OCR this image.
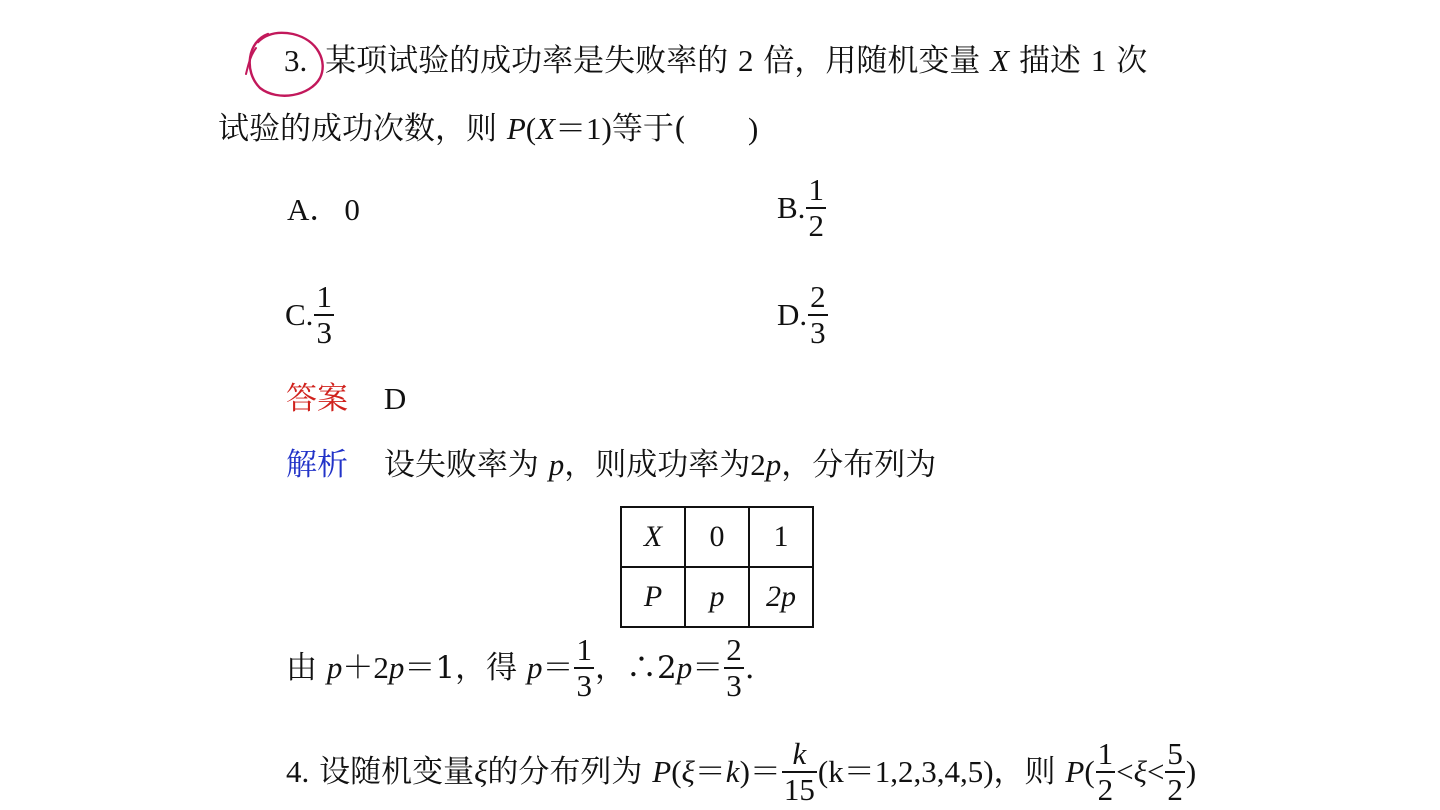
3. 某项试验的成功率是失败率的 2 倍，用随机变量 X 描述 1 次
试验的成功次数，则 P(X＝1)等于( )
A． 0	B. $\frac{1}{2}$
C. $\frac{1}{3}$	D. $\frac{2}{3}$
答案 D
解析 设失败率为 p，则成功率为2p，分布列为
X	0	1
P	p	2p
由 p＋2p＝1，得 $p= \frac{1}{3}$ ，∴2p＝ $\frac{2}{3}$ .
4. 设随机变量ξ的分布列为 $P(\xi=k)= \frac{k}{15} (k=1,2,3,4,5)$，则 $P( \frac{1}{2} <\xi< \frac{5}{2}$ )
